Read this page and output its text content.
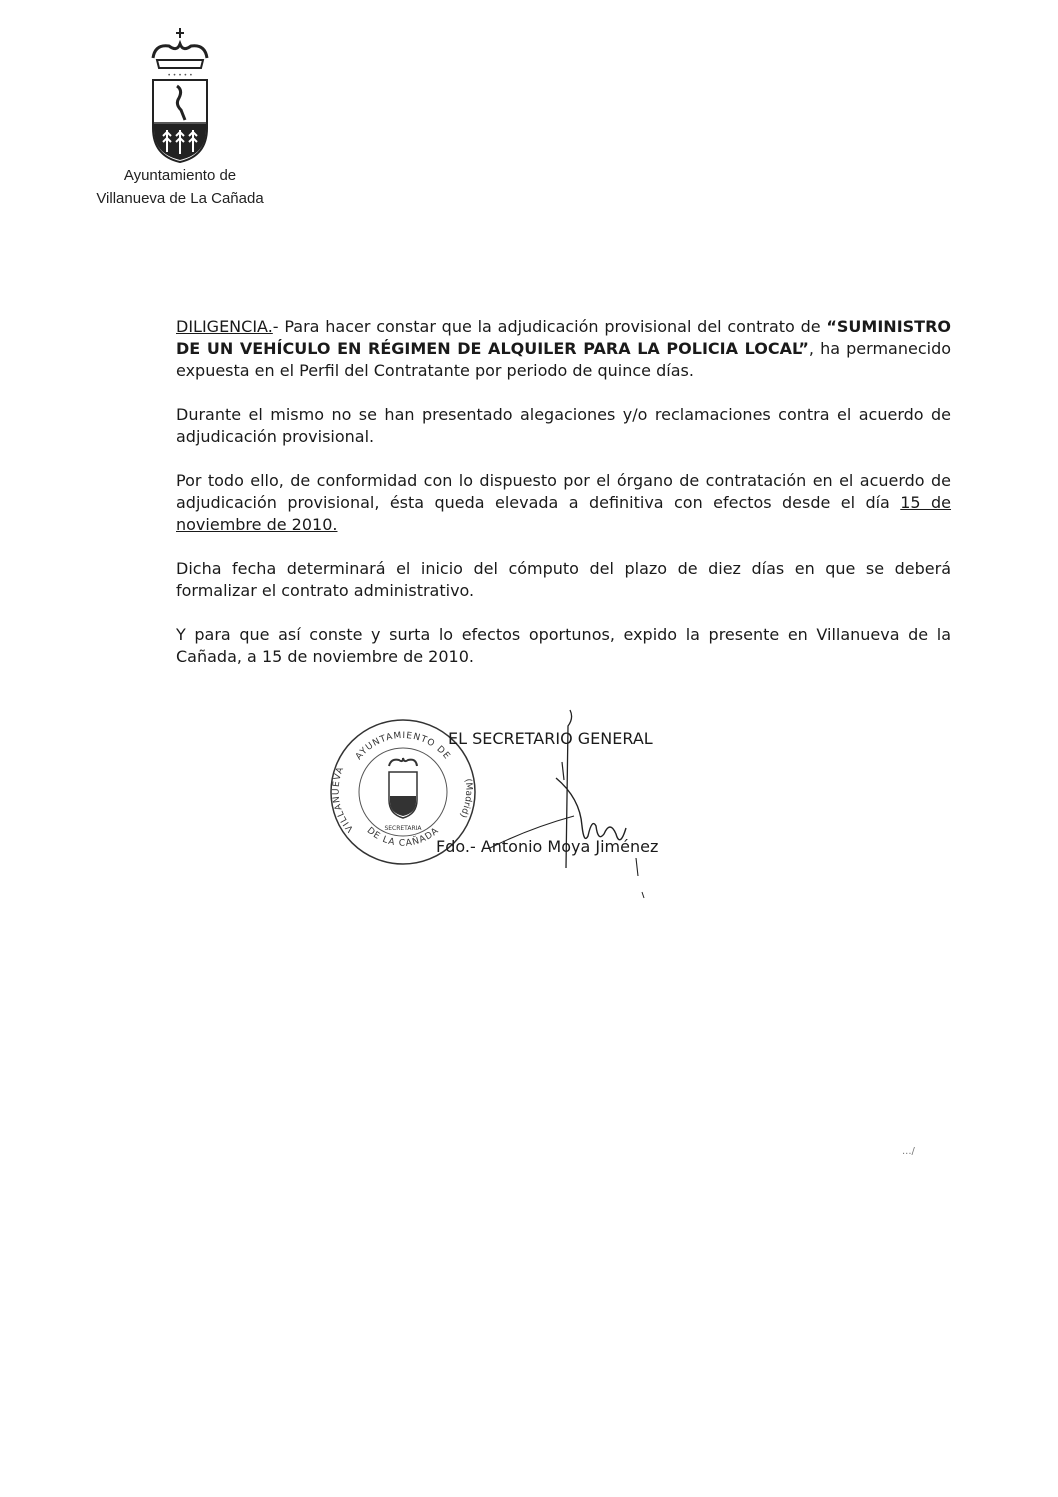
• • • • •
Ayuntamiento de
Villanueva de La Cañada

DILIGENCIA.- Para hacer constar que la adjudicación provisional del contrato de “SUMINISTRO DE UN VEHÍCULO EN RÉGIMEN DE ALQUILER PARA LA POLICIA LOCAL”, ha permanecido expuesta en el Perfil del Contratante por periodo de quince días.

Durante el mismo no se han presentado alegaciones y/o reclamaciones contra el acuerdo de adjudicación provisional.

Por todo ello, de conformidad con lo dispuesto por el órgano de contratación en el acuerdo de adjudicación provisional, ésta queda elevada a definitiva con efectos desde el día 15 de noviembre de 2010.

Dicha fecha determinará el inicio del cómputo del plazo de diez días en que se deberá formalizar el contrato administrativo.

Y para que así conste y surta lo efectos oportunos, expido la presente en Villanueva de la Cañada, a 15 de noviembre de 2010.

AYUNTAMIENTO DE
VILLANUEVA
DE LA CAÑADA
(Madrid)
SECRETARIA
EL SECRETARIO GENERAL
Fdo.- Antonio Moya Jiménez
.../
